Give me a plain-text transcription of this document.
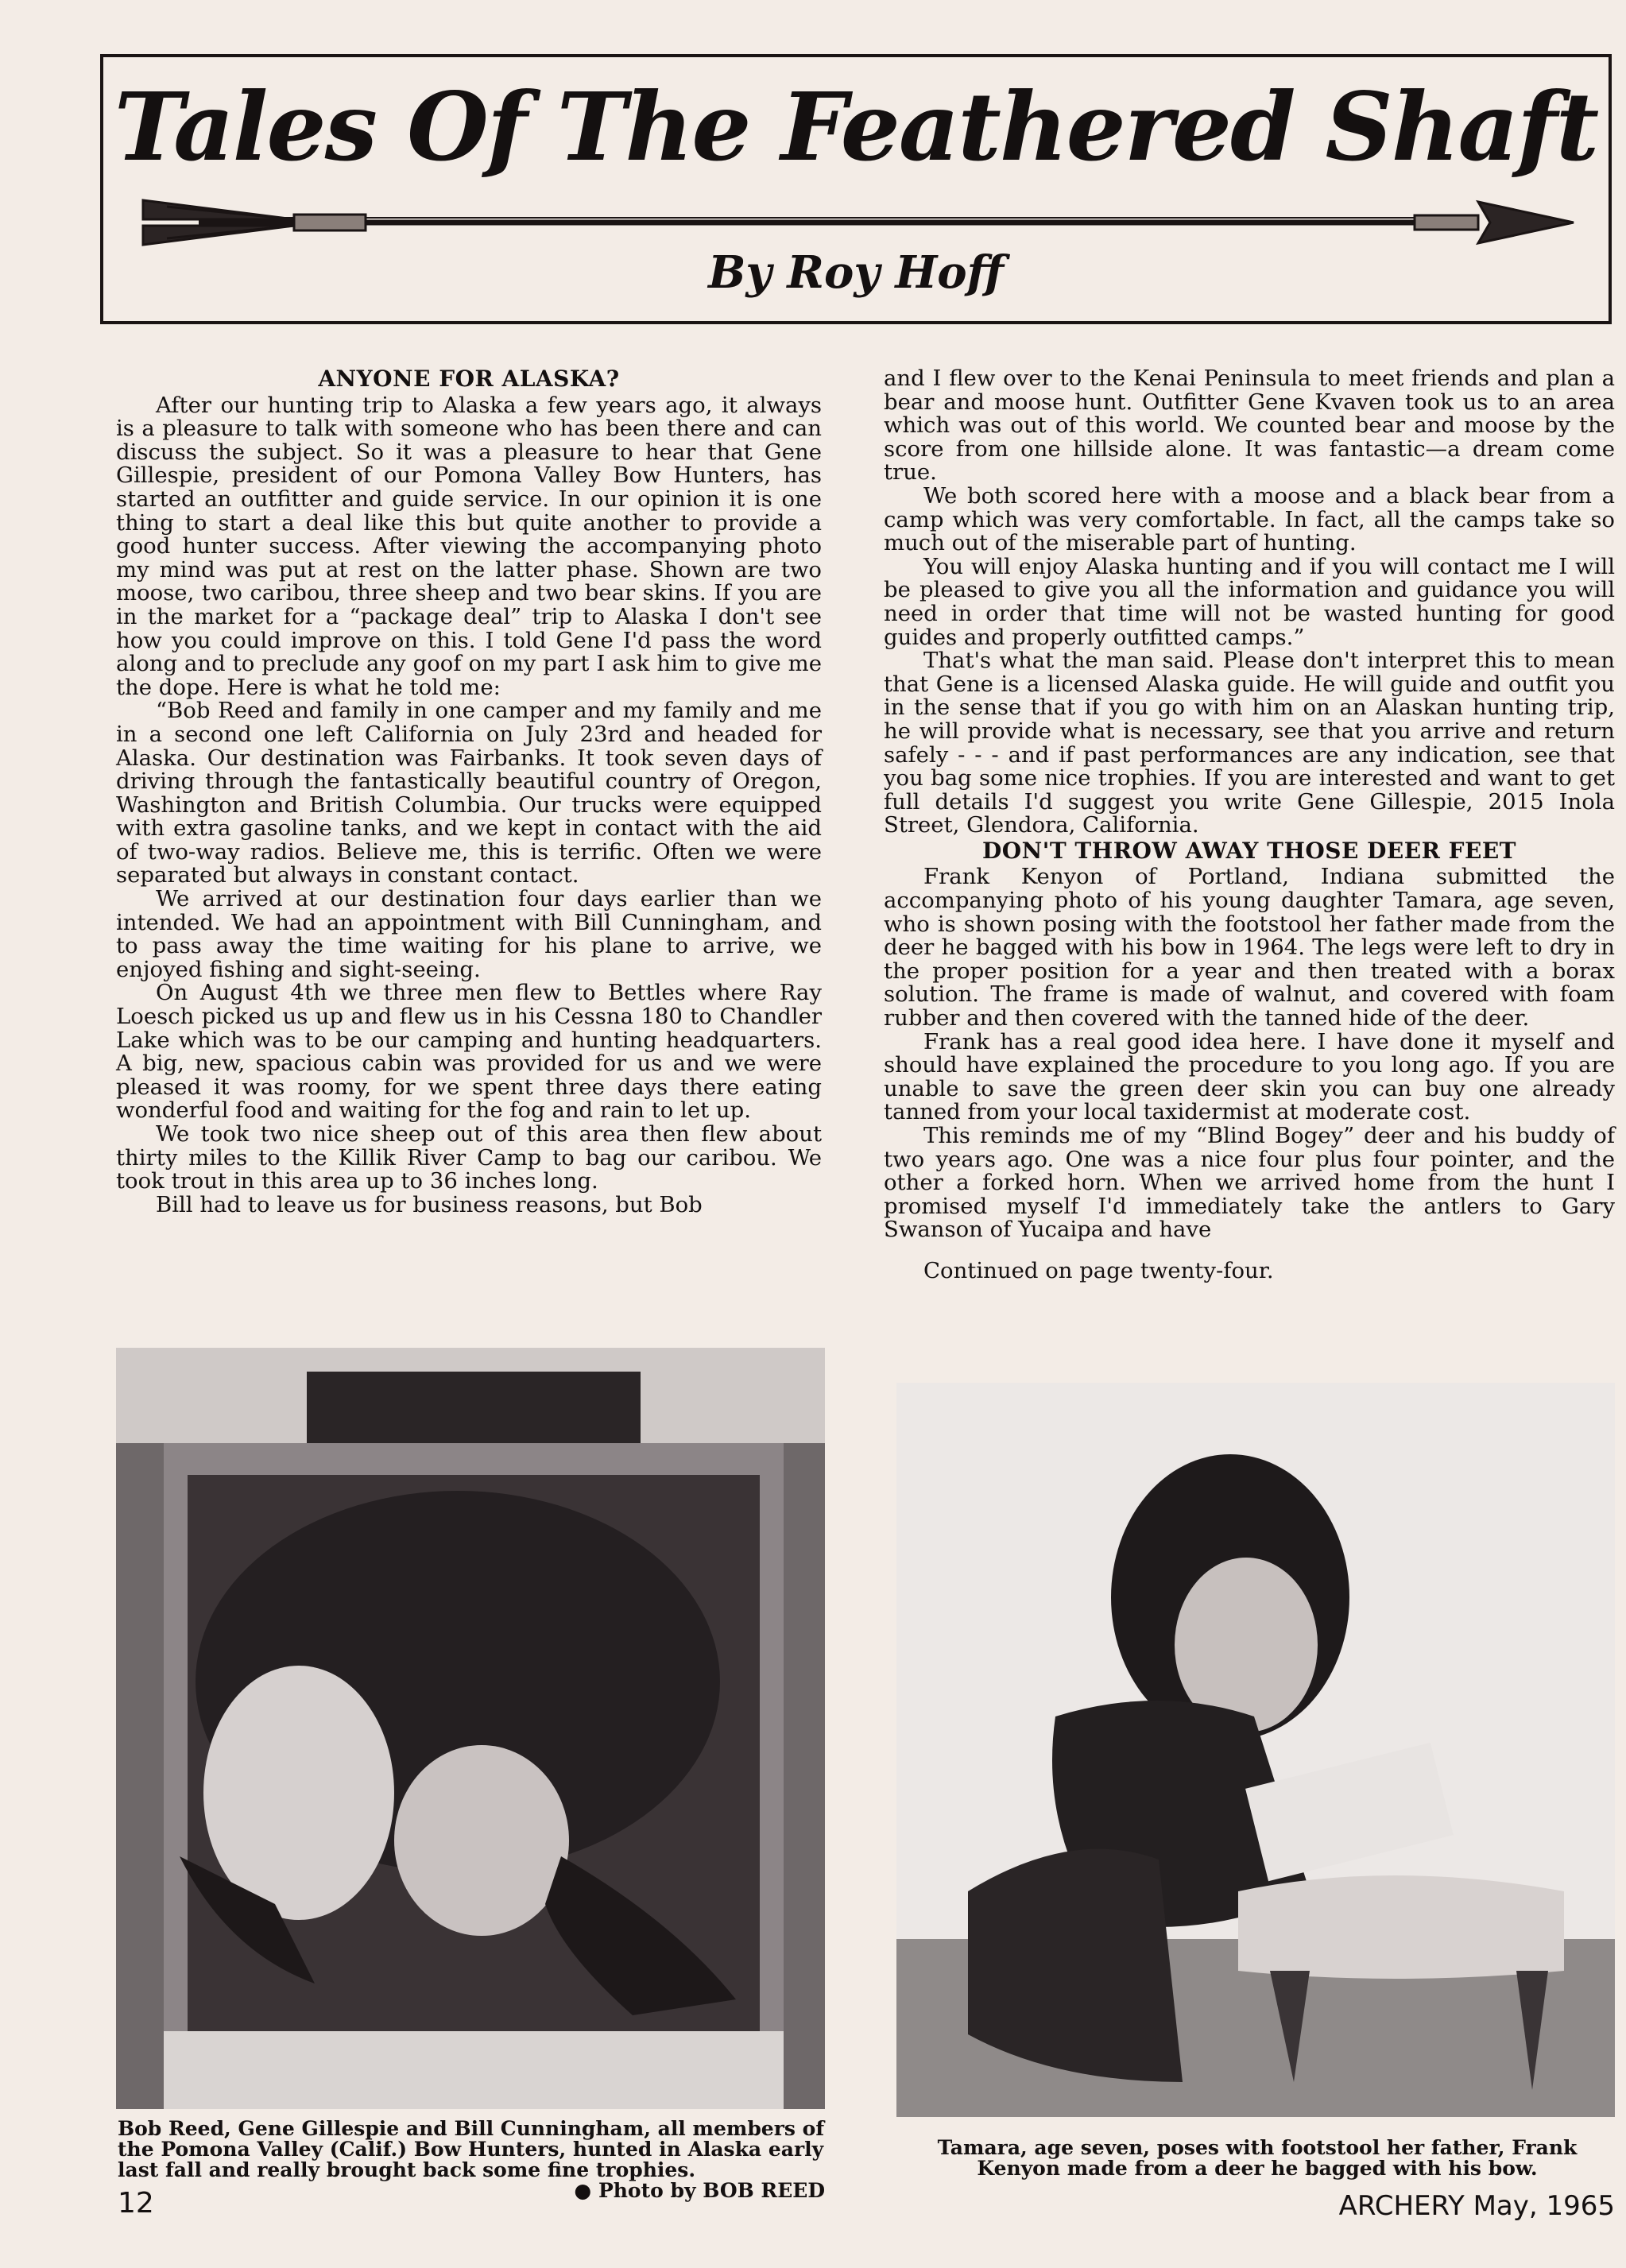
Tales Of The Feathered Shaft

By Roy Hoff

ANYONE FOR ALASKA?

After our hunting trip to Alaska a few years ago, it always is a pleasure to talk with someone who has been there and can discuss the subject. So it was a pleasure to hear that Gene Gillespie, president of our Pomona Valley Bow Hunters, has started an outfitter and guide service. In our opinion it is one thing to start a deal like this but quite another to provide a good hunter success. After viewing the accompanying photo my mind was put at rest on the latter phase. Shown are two moose, two caribou, three sheep and two bear skins. If you are in the market for a “package deal” trip to Alaska I don't see how you could improve on this. I told Gene I'd pass the word along and to preclude any goof on my part I ask him to give me the dope. Here is what he told me:

“Bob Reed and family in one camper and my family and me in a second one left California on July 23rd and headed for Alaska. Our destination was Fairbanks. It took seven days of driving through the fantastically beautiful country of Oregon, Washington and British Columbia. Our trucks were equipped with extra gasoline tanks, and we kept in contact with the aid of two-way radios. Believe me, this is terrific. Often we were separated but always in constant contact.

We arrived at our destination four days earlier than we intended. We had an appointment with Bill Cunningham, and to pass away the time waiting for his plane to arrive, we enjoyed fishing and sight-seeing.

On August 4th we three men flew to Bettles where Ray Loesch picked us up and flew us in his Cessna 180 to Chandler Lake which was to be our camping and hunting headquarters. A big, new, spacious cabin was provided for us and we were pleased it was roomy, for we spent three days there eating wonderful food and waiting for the fog and rain to let up.

We took two nice sheep out of this area then flew about thirty miles to the Killik River Camp to bag our caribou. We took trout in this area up to 36 inches long.

Bill had to leave us for business reasons, but Bob

and I flew over to the Kenai Peninsula to meet friends and plan a bear and moose hunt. Outfitter Gene Kvaven took us to an area which was out of this world. We counted bear and moose by the score from one hillside alone. It was fantastic—a dream come true.

We both scored here with a moose and a black bear from a camp which was very comfortable. In fact, all the camps take so much out of the miserable part of hunting.

You will enjoy Alaska hunting and if you will contact me I will be pleased to give you all the information and guidance you will need in order that time will not be wasted hunting for good guides and properly outfitted camps.”

That's what the man said. Please don't interpret this to mean that Gene is a licensed Alaska guide. He will guide and outfit you in the sense that if you go with him on an Alaskan hunting trip, he will provide what is necessary, see that you arrive and return safely - - - and if past performances are any indication, see that you bag some nice trophies. If you are interested and want to get full details I'd suggest you write Gene Gillespie, 2015 Inola Street, Glendora, California.

DON'T THROW AWAY THOSE DEER FEET

Frank Kenyon of Portland, Indiana submitted the accompanying photo of his young daughter Tamara, age seven, who is shown posing with the footstool her father made from the deer he bagged with his bow in 1964. The legs were left to dry in the proper position for a year and then treated with a borax solution. The frame is made of walnut, and covered with foam rubber and then covered with the tanned hide of the deer.

Frank has a real good idea here. I have done it myself and should have explained the procedure to you long ago. If you are unable to save the green deer skin you can buy one already tanned from your local taxidermist at moderate cost.

This reminds me of my “Blind Bogey” deer and his buddy of two years ago. One was a nice four plus four pointer, and the other a forked horn. When we arrived home from the hunt I promised myself I'd immediately take the antlers to Gary Swanson of Yucaipa and have

Continued on page twenty-four.

Bob Reed, Gene Gillespie and Bill Cunningham, all members of the Pomona Valley (Calif.) Bow Hunters, hunted in Alaska early last fall and really brought back some fine trophies.
● Photo by BOB REED
Tamara, age seven, poses with footstool her father, Frank Kenyon made from a deer he bagged with his bow.
12	ARCHERY May, 1965
